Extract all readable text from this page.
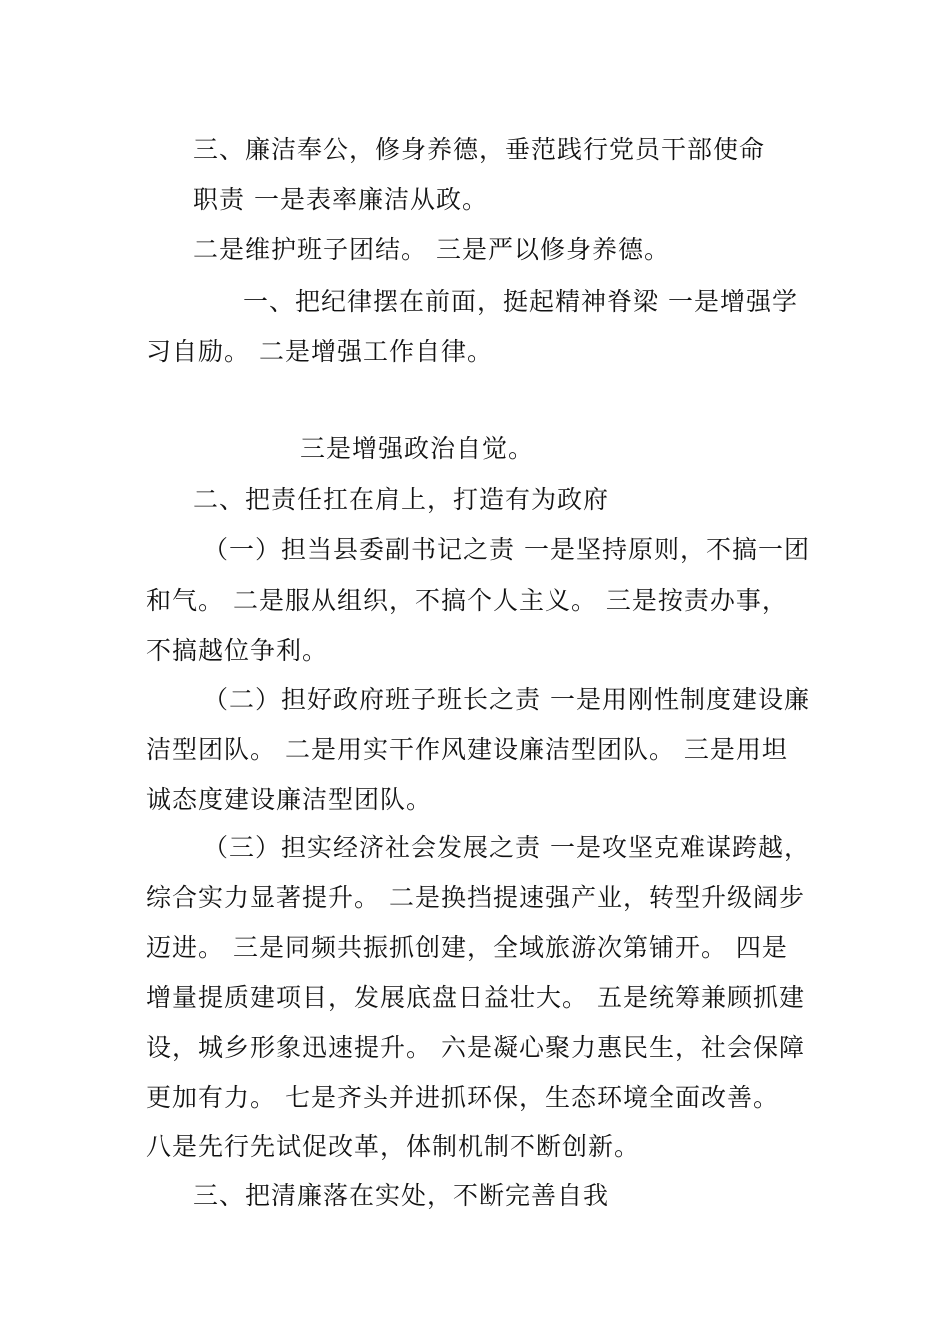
三、廉洁奉公，修身养德，垂范践行党员干部使命
职责 一是表率廉洁从政。
二是维护班子团结。 三是严以修身养德。
一、把纪律摆在前面，挺起精神脊梁 一是增强学
习自励。 二是增强工作自律。
三是增强政治自觉。
二、把责任扛在肩上，打造有为政府
（一）担当县委副书记之责 一是坚持原则，不搞一团
和气。 二是服从组织，不搞个人主义。 三是按责办事，
不搞越位争利。
（二）担好政府班子班长之责 一是用刚性制度建设廉
洁型团队。 二是用实干作风建设廉洁型团队。 三是用坦
诚态度建设廉洁型团队。
（三）担实经济社会发展之责 一是攻坚克难谋跨越，
综合实力显著提升。 二是换挡提速强产业，转型升级阔步
迈进。 三是同频共振抓创建，全域旅游次第铺开。 四是
增量提质建项目，发展底盘日益壮大。 五是统筹兼顾抓建
设，城乡形象迅速提升。 六是凝心聚力惠民生，社会保障
更加有力。 七是齐头并进抓环保，生态环境全面改善。
八是先行先试促改革，体制机制不断创新。
三、把清廉落在实处，不断完善自我
